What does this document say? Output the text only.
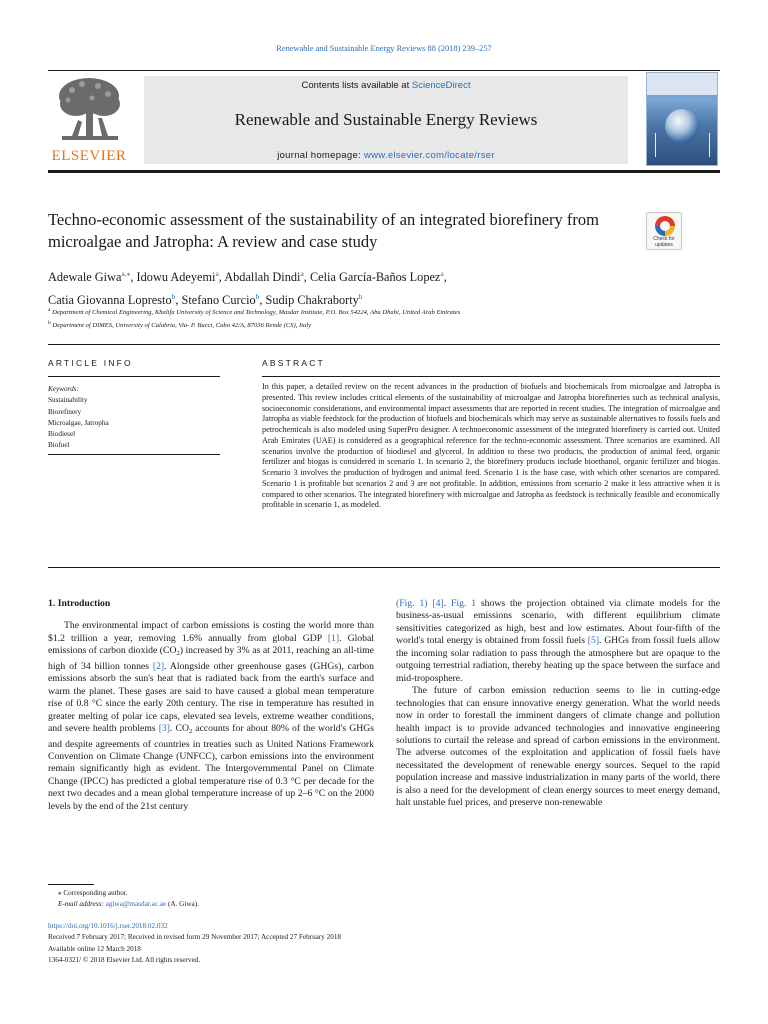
Renewable and Sustainable Energy Reviews 88 (2018) 239–257
ELSEVIER
Contents lists available at ScienceDirect
Renewable and Sustainable Energy Reviews
journal homepage: www.elsevier.com/locate/rser
Techno-economic assessment of the sustainability of an integrated biorefinery from microalgae and Jatropha: A review and case study	Check for updates
Adewale Giwa$^{a,⁎}$, Idowu Adeyemi$^a$, Abdallah Dindi$^a$, Celia García-Baños Lopez$^a$,
Catia Giovanna Lopresto$^b$, Stefano Curcio$^b$, Sudip Chakraborty$^b$
$^a$ Department of Chemical Engineering, Khalifa University of Science and Technology, Masdar Institute, P.O. Box 54224, Abu Dhabi, United Arab Emirates
$^b$ Department of DIMES, University of Calabria, Via- P. Bucci, Cubo 42/A, 87036 Rende (CS), Italy
ARTICLE INFO	ABSTRACT
Keywords:
Sustainability
Biorefinery
Microalgae, Jatropha
Biodiesel
Biofuel
In this paper, a detailed review on the recent advances in the production of biofuels and biochemicals from microalgae and Jatropha is presented. This review includes critical elements of the sustainability of microalgae and Jatropha biorefineries such as technical analysis, socioeconomic considerations, and environmental impact assessments that are reported in recent studies. The integration of microalgae and Jatropha as viable feedstock for the production of biofuels and biochemicals which may serve as sustainable alternatives to fossils fuels and petrochemicals is also modeled using SuperPro designer. A technoeconomic assessment of the integrated biorefinery is carried out. United Arab Emirates (UAE) is considered as a geographical reference for the techno-economic assessment. Three scenarios are examined. All scenarios involve the production of biodiesel and glycerol. In addition to these two products, the production of animal feed, organic fertilizer and biogas is considered in scenario 1. In scenario 2, the biorefinery products include bioethanol, organic fertilizer and biogas. Scenario 3 involves the production of hydrogen and animal feed. Scenario 1 is the base case, with which other scenarios are compared. Scenario 1 is profitable but scenarios 2 and 3 are not profitable. In addition, emissions from scenario 2 make it less attractive when it is compared to other scenarios. The integrated biorefinery with microalgae and Jatropha as feedstock is technically feasible and economically profitable in scenario 1, as modeled.
1. Introduction

The environmental impact of carbon emissions is costing the world more than $1.2 trillion a year, removing 1.6% annually from global GDP [1]. Global emissions of carbon dioxide $(CO_2)$ increased by 3% as at 2011, reaching an all-time high of 34 billion tonnes [2]. Alongside other greenhouse gases (GHGs), carbon emissions absorb the sun's heat that is radiated back from the earth's surface and warm the planet. These gases are said to have caused a global mean temperature rise of 0.8 °C since the early 20th century. The rise in temperature has resulted in greater melting of polar ice caps, elevated sea levels, extreme weather conditions, and severe health problems [3]. $CO_2$ accounts for about 80% of the world's GHGs and despite agreements of countries in treaties such as United Nations Framework Convention on Climate Change (UNFCC), carbon emissions into the environment remain significantly high as evident. The Intergovernmental Panel on Climate Change (IPCC) has predicted a global temperature rise of 0.3 °C per decade for the next two decades and a mean global temperature increase of up 2–6 °C on the 2000 levels by the end of the 21st century

(Fig. 1) [4]. Fig. 1 shows the projection obtained via climate models for the business-as-usual emissions scenario, with different equilibrium climate sensitivities categorized as high, best and low estimates. About four-fifth of the world's total energy is obtained from fossil fuels [5]. GHGs from fossil fuels allow the incoming solar radiation to pass through the atmosphere but are opaque to the outgoing terrestrial radiation, thereby heating up the space between the surface and mid-troposphere.

The future of carbon emission reduction seems to lie in cutting-edge technologies that can ensure innovative energy generation. What the world needs now in order to forestall the imminent dangers of climate change and pollution health impact is to provide advanced technologies and innovative engineering solutions to curtail the release and spread of carbon emissions in the environment. The adverse outcomes of the exploitation and application of fossil fuels have necessitated the development of renewable energy sources. Sequel to the rapid population increase and massive industrialization in many parts of the world, there is also a need for the development of clean energy sources to meet energy demand, halt unstable fuel prices, and preserve non-renewable

⁎ Corresponding author.
E-mail address: agiwa@masdar.ac.ae (A. Giwa).
https://doi.org/10.1016/j.rser.2018.02.032
Received 7 February 2017; Received in revised form 29 November 2017; Accepted 27 February 2018
Available online 12 March 2018
1364-0321/ © 2018 Elsevier Ltd. All rights reserved.
